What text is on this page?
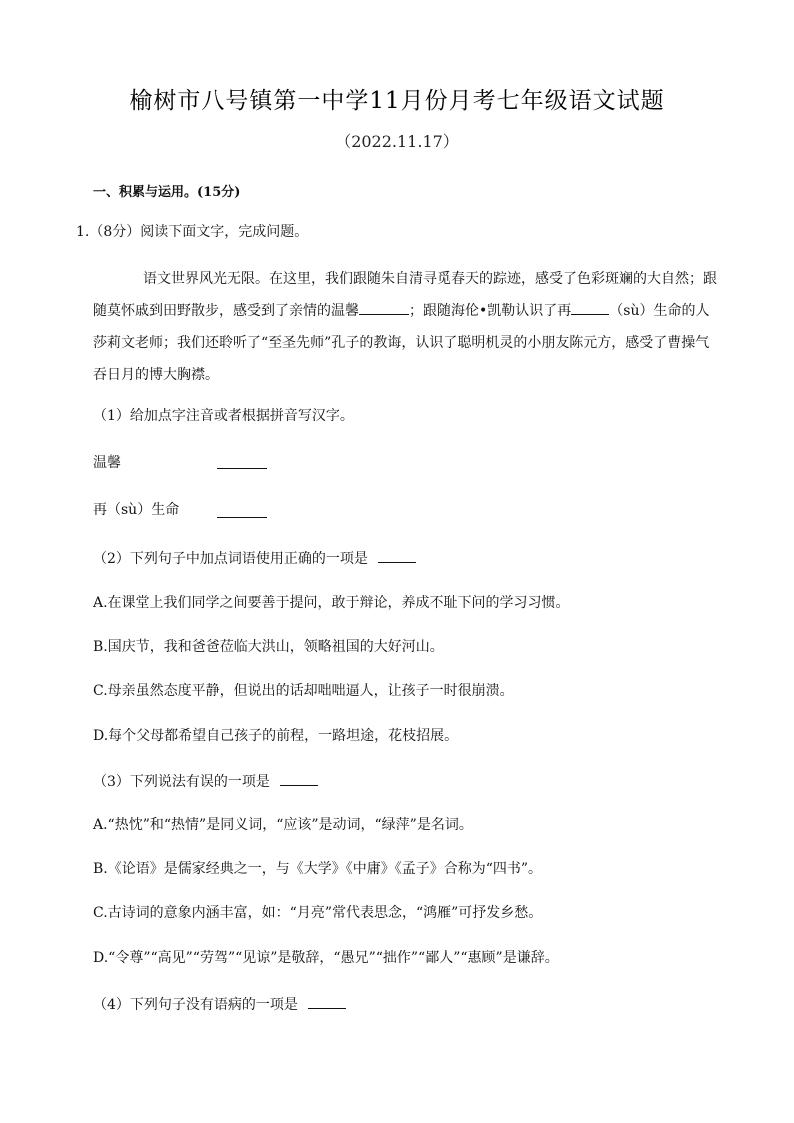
榆树市八号镇第一中学11月份月考七年级语文试题
（2022.11.17）
一、积累与运用。(15分)
1.（8分）阅读下面文字，完成问题。
语文世界风光无限。在这里，我们跟随朱自清寻觅春天的踪迹，感受了色彩斑斓的大自然；跟随莫怀戚到田野散步，感受到了亲情的温馨	；跟随海伦•凯勒认识了再	（sù）生命的人莎莉文老师；我们还聆听了“至圣先师”孔子的教诲，认识了聪明机灵的小朋友陈元方，感受了曹操气吞日月的博大胸襟。
（1）给加点字注音或者根据拼音写汉字。
温馨
再（sù）生命
（2）下列句子中加点词语使用正确的一项是
A.在课堂上我们同学之间要善于提问，敢于辩论，养成不耻下问的学习习惯。
B.国庆节，我和爸爸莅临大洪山，领略祖国的大好河山。
C.母亲虽然态度平静，但说出的话却咄咄逼人，让孩子一时很崩溃。
D.每个父母都希望自己孩子的前程，一路坦途，花枝招展。
（3）下列说法有误的一项是
A.“热忱”和“热情”是同义词，“应该”是动词，“绿萍”是名词。
B.《论语》是儒家经典之一，与《大学》《中庸》《孟子》合称为“四书”。
C.古诗词的意象内涵丰富，如：“月亮”常代表思念，“鸿雁”可抒发乡愁。
D.“令尊”“高见”“劳驾”“见谅”是敬辞，“愚兄”“拙作”“鄙人”“惠顾”是谦辞。
（4）下列句子没有语病的一项是
